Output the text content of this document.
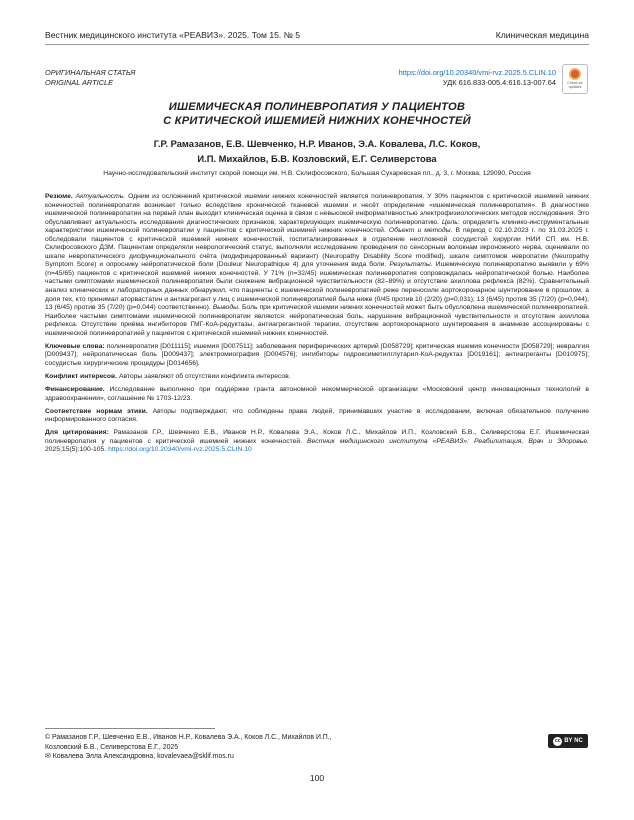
Вестник медицинского института «РЕАВИЗ». 2025. Том 15. № 5	Клиническая медицина
ОРИГИНАЛЬНАЯ СТАТЬЯ
ORIGINAL ARTICLE
https://doi.org/10.20340/vmi-rvz.2025.5.CLIN.10
УДК 616.833-005.4:616.13-007.64	Check for updates
ИШЕМИЧЕСКАЯ ПОЛИНЕВРОПАТИЯ У ПАЦИЕНТОВ
С КРИТИЧЕСКОЙ ИШЕМИЕЙ НИЖНИХ КОНЕЧНОСТЕЙ
Г.Р. Рамазанов, Е.В. Шевченко, Н.Р. Иванов, Э.А. Ковалева, Л.С. Коков,
И.П. Михайлов, Б.В. Козловский, Е.Г. Селиверстова
Научно-исследовательский институт скорой помощи им. Н.В. Склифосовского, Большая Сухаревская пл., д. 3, г. Москва, 129090, Россия

Резюме. Актуальность. Одним из осложнений критической ишемии нижних конечностей является полиневропатия. У 30% пациентов с критической ишемией нижних конечностей полиневропатия возникает только вследствие хронической тканевой ишемии и несёт определение «ишемическая полиневропатия». В диагностике ишемической полиневропатии на первый план выходит клиническая оценка в связи с невысокой информативностью электрофизиологических методов исследования. Это обуславливает актуальность исследования диагностических признаков, характеризующих ишемическую полиневропатию. Цель: определить клинико-инструментальные характеристики ишемической полиневропатии у пациентов с критической ишемией нижних конечностей. Объект и методы. В период с 02.10.2023 г. по 31.03.2025 г. обследовали пациентов с критической ишемией нижних конечностей, госпитализированных в отделение неотложной сосудистой хирургии НИИ СП им. Н.В. Склифосовского ДЗМ. Пациентам определяли неврологический статус, выполняли исследование проведения по сенсорным волокнам икроножного нерва, оценивали по шкале невропатического дисфункционального счёта (модифицированный вариант) (Neuropathy Disability Score modified), шкале симптомов невропатии (Neuropathy Symptom Score) и опроснику нейропатической боли (Douleur Neuropathique 4) для уточнения вида боли. Результаты. Ишемическую полиневропатию выявили у 69% (n=45/65) пациентов с критической ишемией нижних конечностей. У 71% (n=32/45) ишемическая полиневропатия сопровождалась нейропатической болью. Наиболее частыми симптомами ишемической полиневропатии были снижение вибрационной чувствительности (82–89%) и отсутствие ахиллова рефлекса (82%). Сравнительный анализ клинических и лабораторных данных обнаружил, что пациенты с ишемической полиневропатией реже переносили аортокоронарное шунтирование в прошлом, а доля тех, кто принимал аторвастатин и антиагрегант у лиц с ишемической полиневропатией была ниже (0/45 против 10 (2/20) (p=0,031); 13 (6/45) против 35 (7/20) (p=0,044); 13 (6/45) против 35 (7/20) (p=0,044) соответственно). Выводы. Боль при критической ишемии нижних конечностей может быть обусловлена ишемической полиневропатией. Наиболее частыми симптомами ишемической полиневропатии являются: нейропатическая боль, нарушение вибрационной чувствительности и отсутствие ахиллова рефлекса. Отсутствие приёма ингибиторов ГМГ-КоА-редуктазы, антиагрегантной терапии, отсутствие аортокоронарного шунтирования в анамнезе ассоциированы с ишемической полиневропатией у пациентов с критической ишемией нижних конечностей.

Ключевые слова: полиневропатия [D011115]; ишемия [D007511]; заболевания периферических артерий [D058729]; критическая ишемия конечности [D058729]; невралгия [D009437]; нейропатическая боль [D009437]; электромиография [D004576]; ингибиторы гидроксиметилглутарил-КоА-редуктаз [D019161]; антиагреганты [D010975]; сосудистые хирургические процедуры [D014656].

Конфликт интересов. Авторы заявляют об отсутствии конфликта интересов.

Финансирование. Исследование выполнено при поддержке гранта автономной некоммерческой организации «Московский центр инновационных технологий в здравоохранении», соглашение № 1703-12/23.

Соответствие нормам этики. Авторы подтверждают, что соблюдены права людей, принимавших участие в исследовании, включая обязательное получение информированного согласия.

Для цитирования: Рамазанов Г.Р., Шевченко Е.В., Иванов Н.Р., Ковалева Э.А., Коков Л.С., Михайлов И.П., Козловский Б.В., Селиверстова Е.Г. Ишемическая полиневропатия у пациентов с критической ишемией нижних конечностей. Вестник медицинского института «РЕАВИЗ»: Реабилитация, Врач и Здоровье. 2025;15(5):100-105. https://doi.org/10.20340/vmi-rvz.2025.5.CLIN.10

© Рамазанов Г.Р., Шевченко Е.В., Иванов Н.Р., Ковалева Э.А., Коков Л.С., Михайлов И.П.,
Козловский Б.В., Селиверстова Е.Г., 2025
✉ Ковалева Элла Александровна, kovalevaea@sklif.mos.ru
cc BY NC
100
